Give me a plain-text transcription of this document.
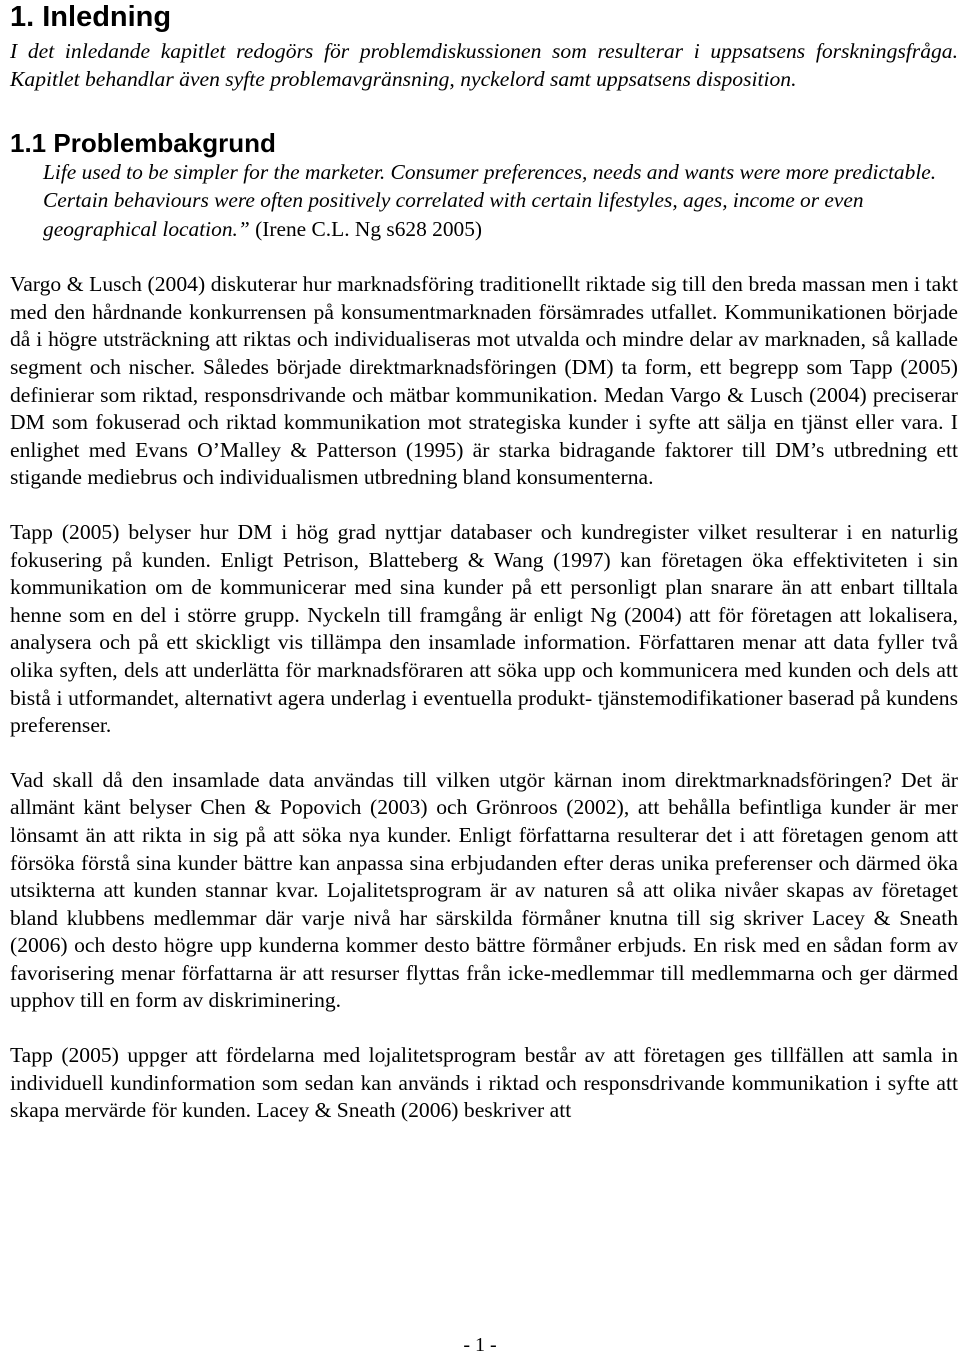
1. Inledning

I det inledande kapitlet redogörs för problemdiskussionen som resulterar i uppsatsens forskningsfråga. Kapitlet behandlar även syfte problemavgränsning, nyckelord samt uppsatsens disposition.

1.1 Problembakgrund

Life used to be simpler for the marketer. Consumer preferences, needs and wants were more predictable. Certain behaviours were often positively correlated with certain lifestyles, ages, income or even geographical location.” (Irene C.L. Ng s628 2005)

Vargo & Lusch (2004) diskuterar hur marknadsföring traditionellt riktade sig till den breda massan men i takt med den hårdnande konkurrensen på konsumentmarknaden försämrades utfallet. Kommunikationen började då i högre utsträckning att riktas och individualiseras mot utvalda och mindre delar av marknaden, så kallade segment och nischer. Således började direktmarknadsföringen (DM) ta form, ett begrepp som Tapp (2005) definierar som riktad, responsdrivande och mätbar kommunikation. Medan Vargo & Lusch (2004) preciserar DM som fokuserad och riktad kommunikation mot strategiska kunder i syfte att sälja en tjänst eller vara. I enlighet med Evans O’Malley & Patterson (1995) är starka bidragande faktorer till DM’s utbredning ett stigande mediebrus och individualismen utbredning bland konsumenterna.

Tapp (2005) belyser hur DM i hög grad nyttjar databaser och kundregister vilket resulterar i en naturlig fokusering på kunden. Enligt Petrison, Blatteberg & Wang (1997) kan företagen öka effektiviteten i sin kommunikation om de kommunicerar med sina kunder på ett personligt plan snarare än att enbart tilltala henne som en del i större grupp. Nyckeln till framgång är enligt Ng (2004) att för företagen att lokalisera, analysera och på ett skickligt vis tillämpa den insamlade information. Författaren menar att data fyller två olika syften, dels att underlätta för marknadsföraren att söka upp och kommunicera med kunden och dels att bistå i utformandet, alternativt agera underlag i eventuella produkt- tjänstemodifikationer baserad på kundens preferenser.

Vad skall då den insamlade data användas till vilken utgör kärnan inom direktmarknadsföringen? Det är allmänt känt belyser Chen & Popovich (2003) och Grönroos (2002), att behålla befintliga kunder är mer lönsamt än att rikta in sig på att söka nya kunder. Enligt författarna resulterar det i att företagen genom att försöka förstå sina kunder bättre kan anpassa sina erbjudanden efter deras unika preferenser och därmed öka utsikterna att kunden stannar kvar. Lojalitetsprogram är av naturen så att olika nivåer skapas av företaget bland klubbens medlemmar där varje nivå har särskilda förmåner knutna till sig skriver Lacey & Sneath (2006) och desto högre upp kunderna kommer desto bättre förmåner erbjuds. En risk med en sådan form av favorisering menar författarna är att resurser flyttas från icke-medlemmar till medlemmarna och ger därmed upphov till en form av diskriminering.

Tapp (2005) uppger att fördelarna med lojalitetsprogram består av att företagen ges tillfällen att samla in individuell kundinformation som sedan kan används i riktad och responsdrivande kommunikation i syfte att skapa mervärde för kunden. Lacey & Sneath (2006) beskriver att

- 1 -
